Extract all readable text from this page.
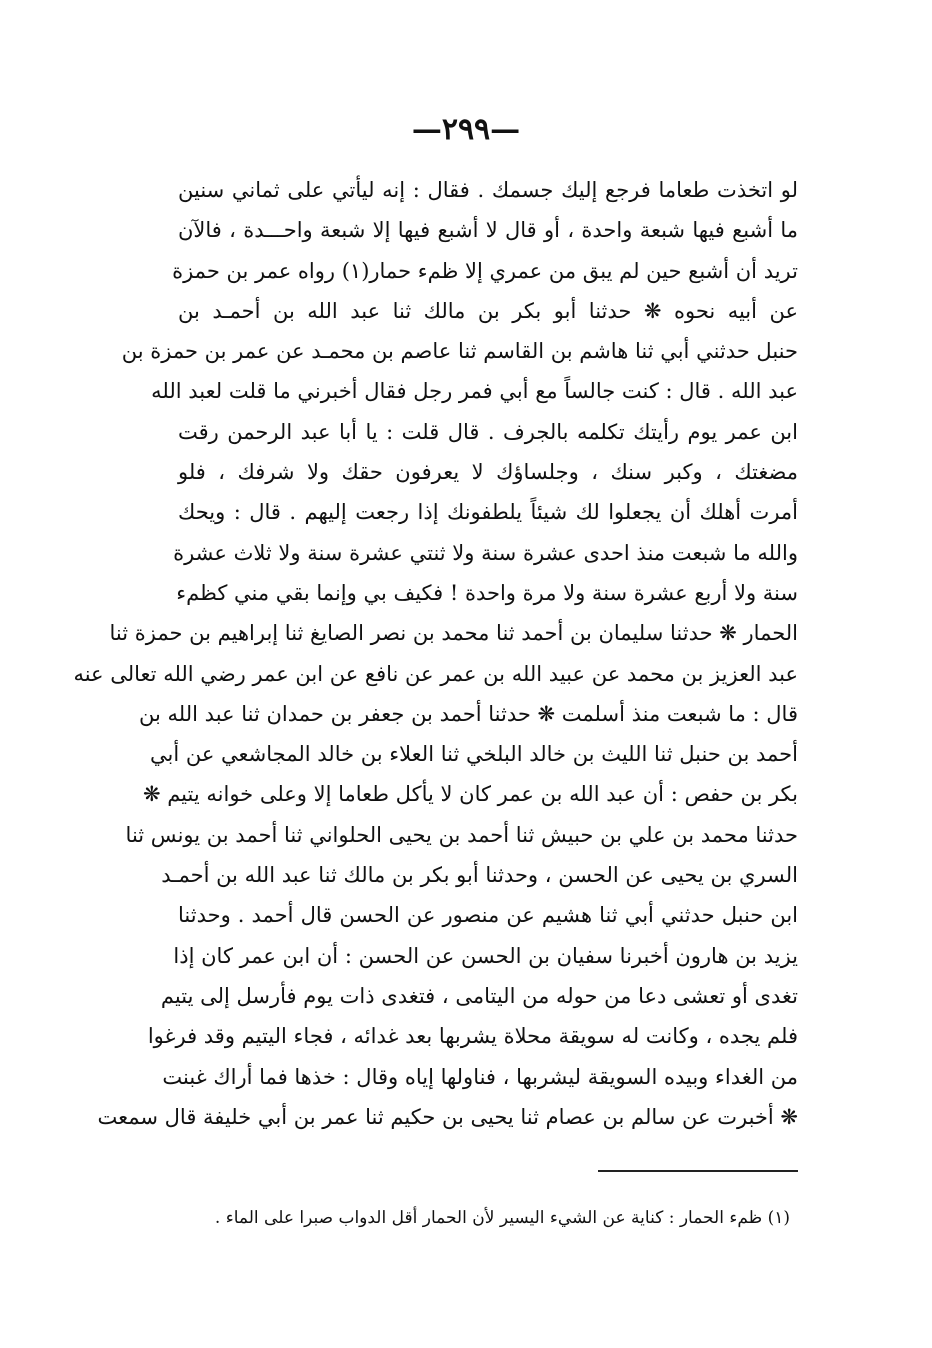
—٢٩٩—
لو اتخذت طعاما فرجع إليك جسمك . فقال : إنه ليأتي على ثماني سنين
ما أشبع فيها شبعة واحدة ، أو قال لا أشبع فيها إلا شبعة واحـــدة ، فالآن
تريد أن أشبع حين لم يبق من عمري إلا ظمء حمار(١) رواه عمر بن حمزة
عن أبيه نحوه ❋ حدثنا أبو بكر بن مالك ثنا عبد الله بن أحمـد بن
حنبل حدثني أبي ثنا هاشم بن القاسم ثنا عاصم بن محمـد عن عمر بن حمزة بن
عبد الله . قال : كنت جالساً مع أبي فمر رجل فقال أخبرني ما قلت لعبد الله
ابن عمر يوم رأيتك تكلمه بالجرف . قال قلت : يا أبا عبد الرحمن رقت
مضغتك ، وكبر سنك ، وجلساؤك لا يعرفون حقك ولا شرفك ، فلو
أمرت أهلك أن يجعلوا لك شيئاً يلطفونك إذا رجعت إليهم . قال : ويحك
والله ما شبعت منذ احدى عشرة سنة ولا ثنتي عشرة سنة ولا ثلاث عشرة
سنة ولا أربع عشرة سنة ولا مرة واحدة ! فكيف بي وإنما بقي مني كظمء
الحمار ❋ حدثنا سليمان بن أحمد ثنا محمد بن نصر الصايغ ثنا إبراهيم بن حمزة ثنا
عبد العزيز بن محمد عن عبيد الله بن عمر عن نافع عن ابن عمر رضي الله تعالى عنه
قال : ما شبعت منذ أسلمت ❋ حدثنا أحمد بن جعفر بن حمدان ثنا عبد الله بن
أحمد بن حنبل ثنا الليث بن خالد البلخي ثنا العلاء بن خالد المجاشعي عن أبي
بكر بن حفص : أن عبد الله بن عمر كان لا يأكل طعاما إلا وعلى خوانه يتيم ❋
حدثنا محمد بن علي بن حبيش ثنا أحمد بن يحيى الحلواني ثنا أحمد بن يونس ثنا
السري بن يحيى عن الحسن ، وحدثنا أبو بكر بن مالك ثنا عبد الله بن أحمـد
ابن حنبل حدثني أبي ثنا هشيم عن منصور عن الحسن قال أحمد . وحدثنا
يزيد بن هارون أخبرنا سفيان بن الحسن عن الحسن : أن ابن عمر كان إذا
تغدى أو تعشى دعا من حوله من اليتامى ، فتغدى ذات يوم فأرسل إلى يتيم
فلم يجده ، وكانت له سويقة محلاة يشربها بعد غدائه ، فجاء اليتيم وقد فرغوا
من الغداء وبيده السويقة ليشربها ، فناولها إياه وقال : خذها فما أراك غبنت
❋ أخبرت عن سالم بن عصام ثنا يحيى بن حكيم ثنا عمر بن أبي خليفة قال سمعت
(١) ظمء الحمار : كناية عن الشيء اليسير لأن الحمار أقل الدواب صبرا على الماء .
